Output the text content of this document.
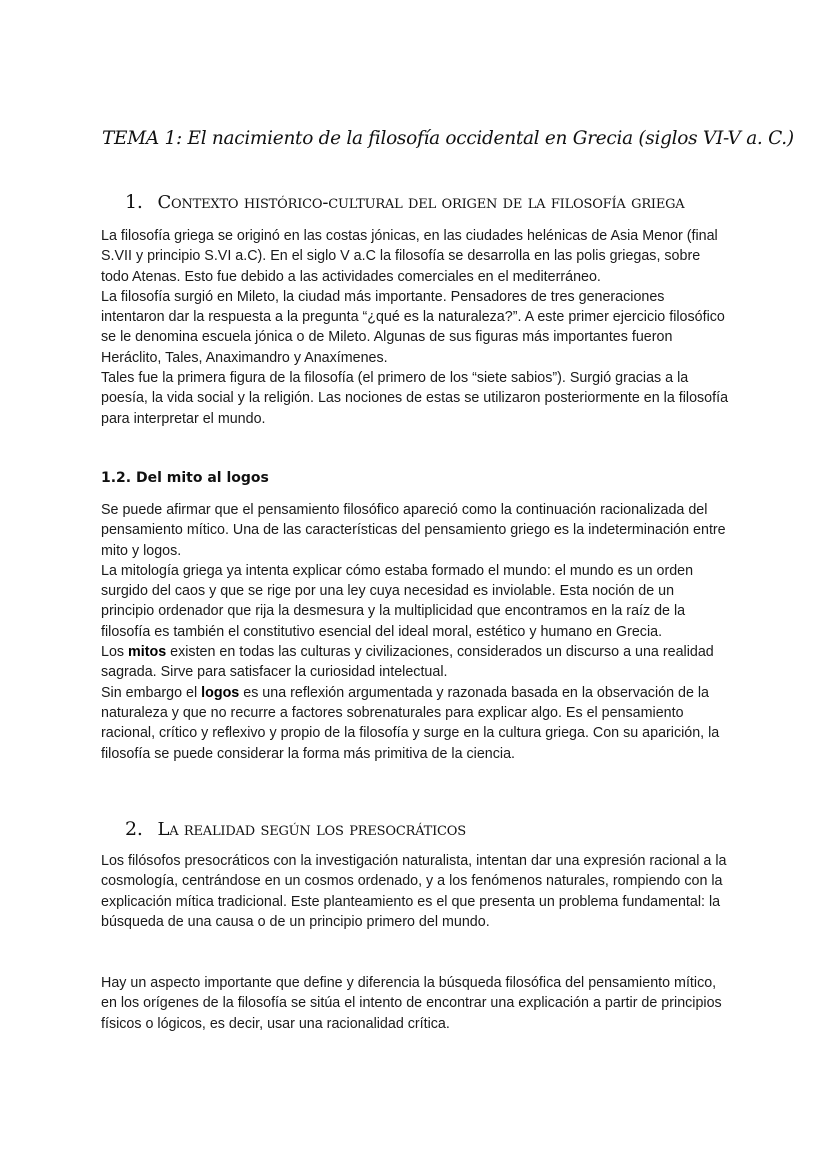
TEMA 1: El nacimiento de la filosofía occidental en Grecia (siglos VI-V a. C.)
1. Contexto histórico-cultural del origen de la filosofía griega

La filosofía griega se originó en las costas jónicas, en las ciudades helénicas de Asia Menor (final S.VII y principio S.VI a.C). En el siglo V a.C la filosofía se desarrolla en las polis griegas, sobre todo Atenas. Esto fue debido a las actividades comerciales en el mediterráneo.

La filosofía surgió en Mileto, la ciudad más importante. Pensadores de tres generaciones intentaron dar la respuesta a la pregunta “¿qué es la naturaleza?”. A este primer ejercicio filosófico se le denomina escuela jónica o de Mileto. Algunas de sus figuras más importantes fueron Heráclito, Tales, Anaximandro y Anaxímenes.

Tales fue la primera figura de la filosofía (el primero de los “siete sabios”). Surgió gracias a la poesía, la vida social y la religión. Las nociones de estas se utilizaron posteriormente en la filosofía para interpretar el mundo.

1.2. Del mito al logos

Se puede afirmar que el pensamiento filosófico apareció como la continuación racionalizada del pensamiento mítico. Una de las características del pensamiento griego es la indeterminación entre mito y logos.

La mitología griega ya intenta explicar cómo estaba formado el mundo: el mundo es un orden surgido del caos y que se rige por una ley cuya necesidad es inviolable. Esta noción de un principio ordenador que rija la desmesura y la multiplicidad que encontramos en la raíz de la filosofía es también el constitutivo esencial del ideal moral, estético y humano en Grecia.

Los mitos existen en todas las culturas y civilizaciones, considerados un discurso a una realidad sagrada. Sirve para satisfacer la curiosidad intelectual.

Sin embargo el logos es una reflexión argumentada y razonada basada en la observación de la naturaleza y que no recurre a factores sobrenaturales para explicar algo. Es el pensamiento racional, crítico y reflexivo y propio de la filosofía y surge en la cultura griega. Con su aparición, la filosofía se puede considerar la forma más primitiva de la ciencia.

2. La realidad según los presocráticos

Los filósofos presocráticos con la investigación naturalista, intentan dar una expresión racional a la cosmología, centrándose en un cosmos ordenado, y a los fenómenos naturales, rompiendo con la explicación mítica tradicional. Este planteamiento es el que presenta un problema fundamental: la búsqueda de una causa o de un principio primero del mundo.

Hay un aspecto importante que define y diferencia la búsqueda filosófica del pensamiento mítico, en los orígenes de la filosofía se sitúa el intento de encontrar una explicación a partir de principios físicos o lógicos, es decir, usar una racionalidad crítica.
